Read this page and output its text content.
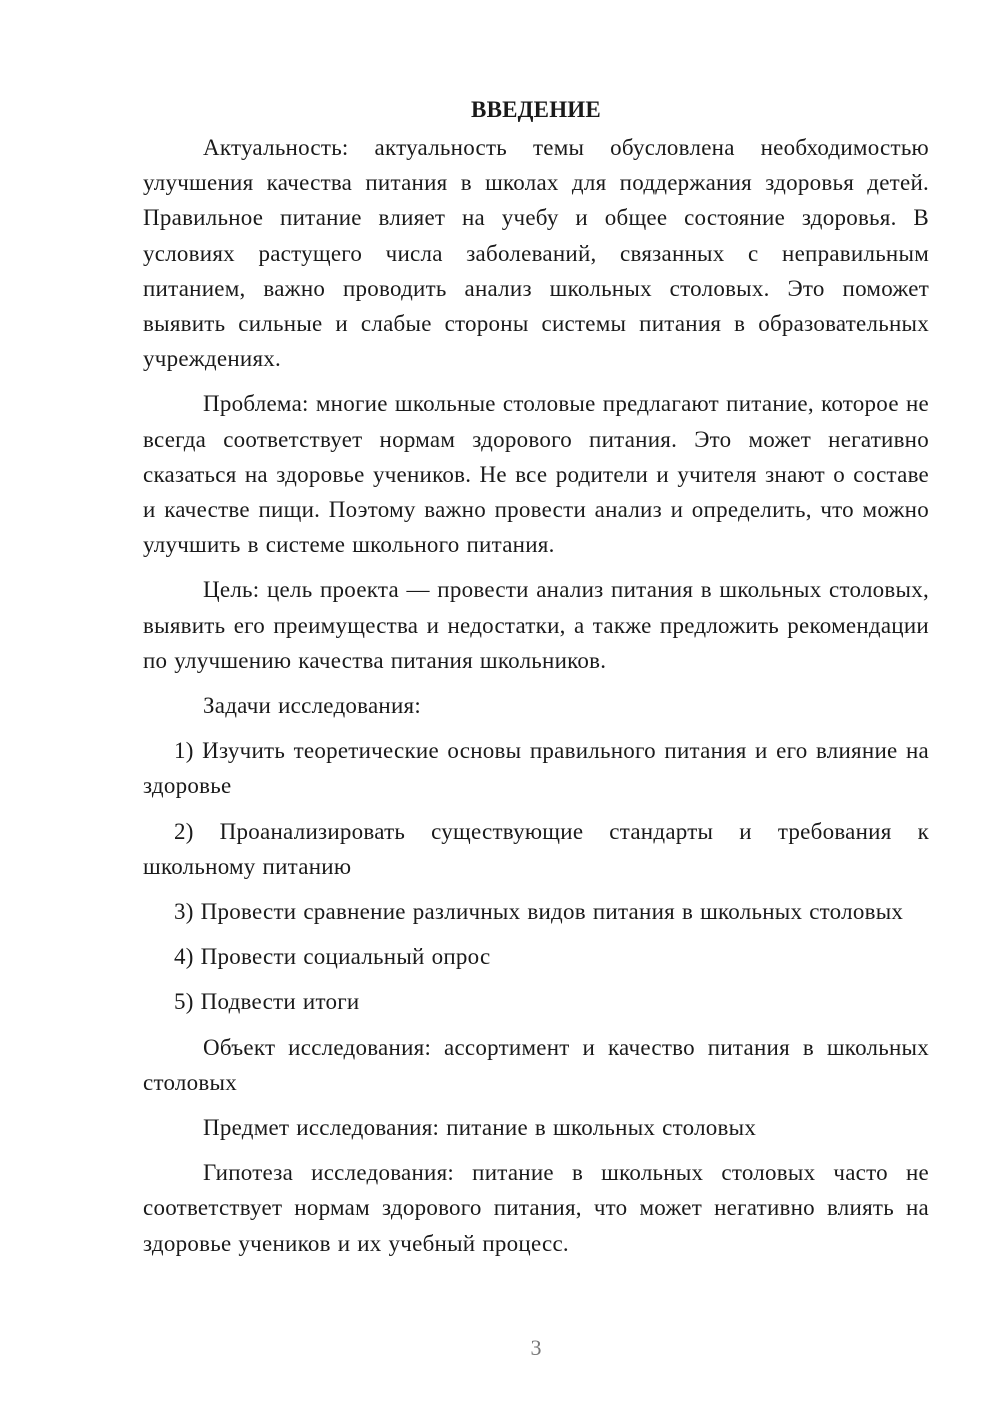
ВВЕДЕНИЕ

Актуальность: актуальность темы обусловлена необходимостью улучшения качества питания в школах для поддержания здоровья детей. Правильное питание влияет на учебу и общее состояние здоровья. В условиях растущего числа заболеваний, связанных с неправильным питанием, важно проводить анализ школьных столовых. Это поможет выявить сильные и слабые стороны системы питания в образовательных учреждениях.

Проблема: многие школьные столовые предлагают питание, которое не всегда соответствует нормам здорового питания. Это может негативно сказаться на здоровье учеников. Не все родители и учителя знают о составе и качестве пищи. Поэтому важно провести анализ и определить, что можно улучшить в системе школьного питания.

Цель: цель проекта — провести анализ питания в школьных столовых, выявить его преимущества и недостатки, а также предложить рекомендации по улучшению качества питания школьников.

Задачи исследования:

1) Изучить теоретические основы правильного питания и его влияние на здоровье

2) Проанализировать существующие стандарты и требования к школьному питанию

3) Провести сравнение различных видов питания в школьных столовых

4) Провести социальный опрос

5) Подвести итоги

Объект исследования: ассортимент и качество питания в школьных столовых

Предмет исследования: питание в школьных столовых

Гипотеза исследования: питание в школьных столовых часто не соответствует нормам здорового питания, что может негативно влиять на здоровье учеников и их учебный процесс.

3
